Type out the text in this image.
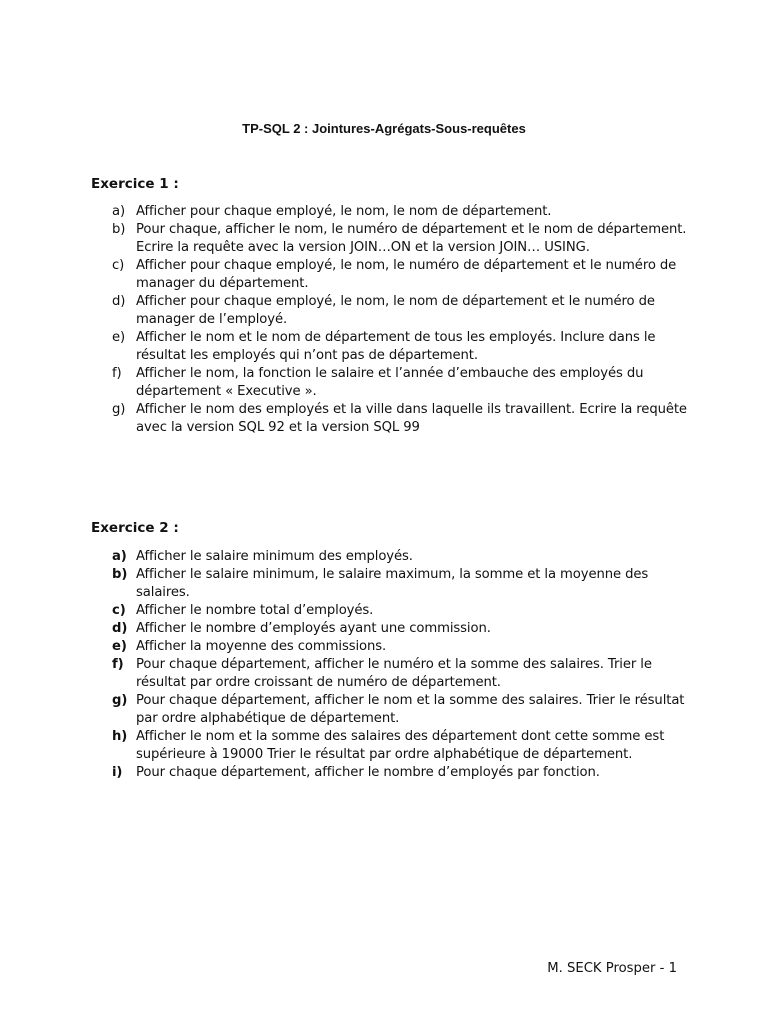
TP-SQL 2 : Jointures-Agrégats-Sous-requêtes
Exercice 1 :
a) Afficher pour chaque employé, le nom, le nom de département.
b) Pour chaque, afficher le nom, le numéro de département et le nom de département. Ecrire la requête avec la version JOIN…ON et la version JOIN… USING.
c) Afficher pour chaque employé, le nom, le numéro de département et le numéro de manager du département.
d) Afficher pour chaque employé, le nom, le nom de département et le numéro de manager de l’employé.
e) Afficher le nom et le nom de département de tous les employés. Inclure dans le résultat les employés qui n’ont pas de département.
f) Afficher le nom, la fonction le salaire et l’année d’embauche des employés du département « Executive ».
g) Afficher le nom des employés et la ville dans laquelle ils travaillent. Ecrire la requête avec la version SQL 92 et la version SQL 99
Exercice 2 :
a) Afficher le salaire minimum des employés.
b) Afficher le salaire minimum, le salaire maximum, la somme et la moyenne des salaires.
c) Afficher le nombre total d’employés.
d) Afficher le nombre d’employés ayant une commission.
e) Afficher la moyenne des commissions.
f) Pour chaque département, afficher le numéro et la somme des salaires. Trier le résultat par ordre croissant de numéro de département.
g) Pour chaque département, afficher le nom et la somme des salaires. Trier le résultat par ordre alphabétique de département.
h) Afficher le nom et la somme des salaires des département dont cette somme est supérieure à 19000 Trier le résultat par ordre alphabétique de département.
i) Pour chaque département, afficher le nombre d’employés par fonction.
M. SECK Prosper - 1
